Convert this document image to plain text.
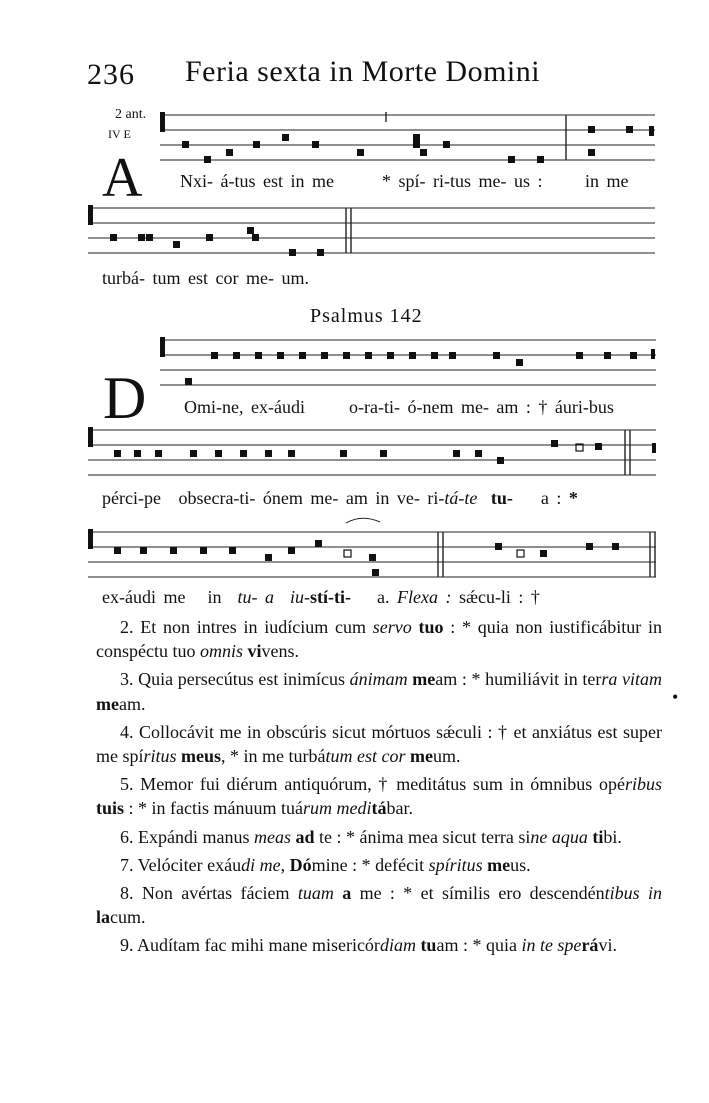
236 Feria sexta in Morte Domini
2 ant.
IV E
A Nxi- á-tus est in me	* spí- ri-tus me- us : in me
turbá- tum est cor me- um.
Psalmus 142
D Omi-ne, ex-áudi o-ra-ti- ó-nem me- am : † áuri-bus
pérci-pe obsecra-ti- ónem me- am in ve- ri-tá-te tu- a : *
ex-áudi me in tu- a iu-stí-ti- a. Flexa : sǽcu-li : †

2. Et non intres in iudícium cum servo tuo : * quia non iustificábitur in conspéctu tuo omnis vivens.

3. Quia persecútus est inimícus ánimam meam : * humiliávit in terra vitam meam.

4. Collocávit me in obscúris sicut mórtuos sǽculi : † et anxiátus est super me spíritus meus, * in me turbátum est cor meum.

5. Memor fui diérum antiquórum, † meditátus sum in ómnibus opéribus tuis : * in factis mánuum tuárum meditábar.

6. Expándi manus meas ad te : * ánima mea sicut terra sine aqua tibi.

7. Velóciter exáudi me, Dómine : * defécit spíritus meus.

8. Non avértas fáciem tuam a me : * et símilis ero descendéntibus in lacum.

9. Audítam fac mihi mane misericórdiam tuam : * quia in te sperávi.

•
